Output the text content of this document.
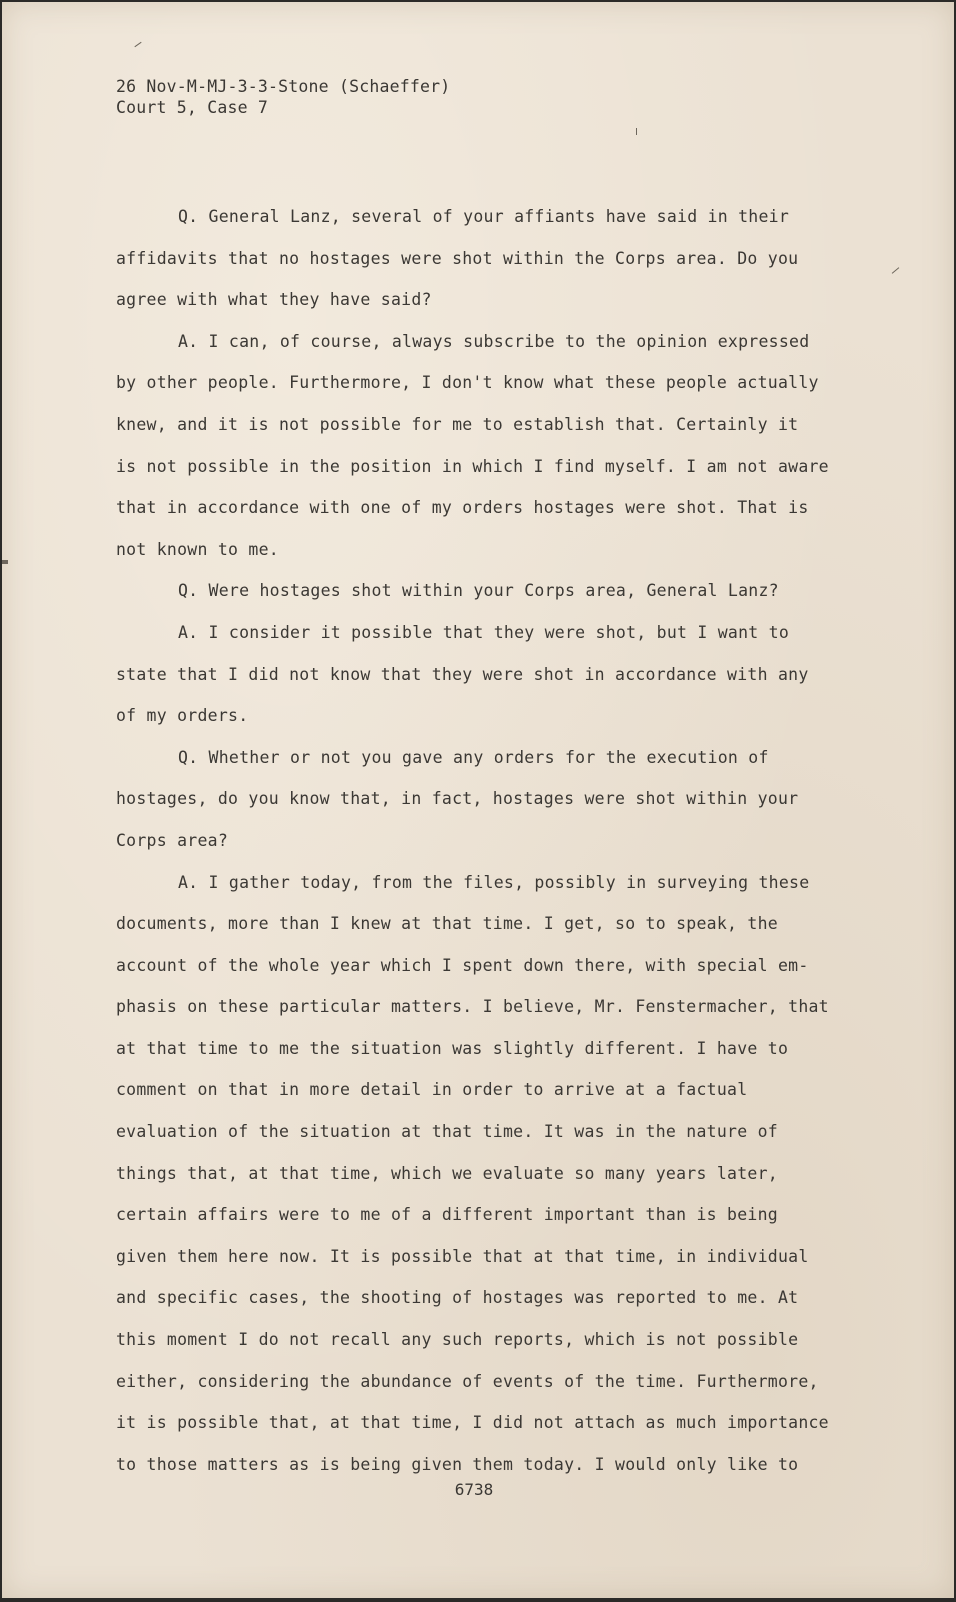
26 Nov-M-MJ-3-3-Stone (Schaeffer)
Court 5, Case 7
Q. General Lanz, several of your affiants have said in their
affidavits that no hostages were shot within the Corps area. Do you
agree with what they have said?
A. I can, of course, always subscribe to the opinion expressed
by other people. Furthermore, I don't know what these people actually
knew, and it is not possible for me to establish that. Certainly it
is not possible in the position in which I find myself. I am not aware
that in accordance with one of my orders hostages were shot. That is
not known to me.
Q. Were hostages shot within your Corps area, General Lanz?
A. I consider it possible that they were shot, but I want to
state that I did not know that they were shot in accordance with any
of my orders.
Q. Whether or not you gave any orders for the execution of
hostages, do you know that, in fact, hostages were shot within your
Corps area?
A. I gather today, from the files, possibly in surveying these
documents, more than I knew at that time. I get, so to speak, the
account of the whole year which I spent down there, with special em-
phasis on these particular matters. I believe, Mr. Fenstermacher, that
at that time to me the situation was slightly different. I have to
comment on that in more detail in order to arrive at a factual
evaluation of the situation at that time. It was in the nature of
things that, at that time, which we evaluate so many years later,
certain affairs were to me of a different important than is being
given them here now. It is possible that at that time, in individual
and specific cases, the shooting of hostages was reported to me. At
this moment I do not recall any such reports, which is not possible
either, considering the abundance of events of the time. Furthermore,
it is possible that, at that time, I did not attach as much importance
to those matters as is being given them today. I would only like to
6738
